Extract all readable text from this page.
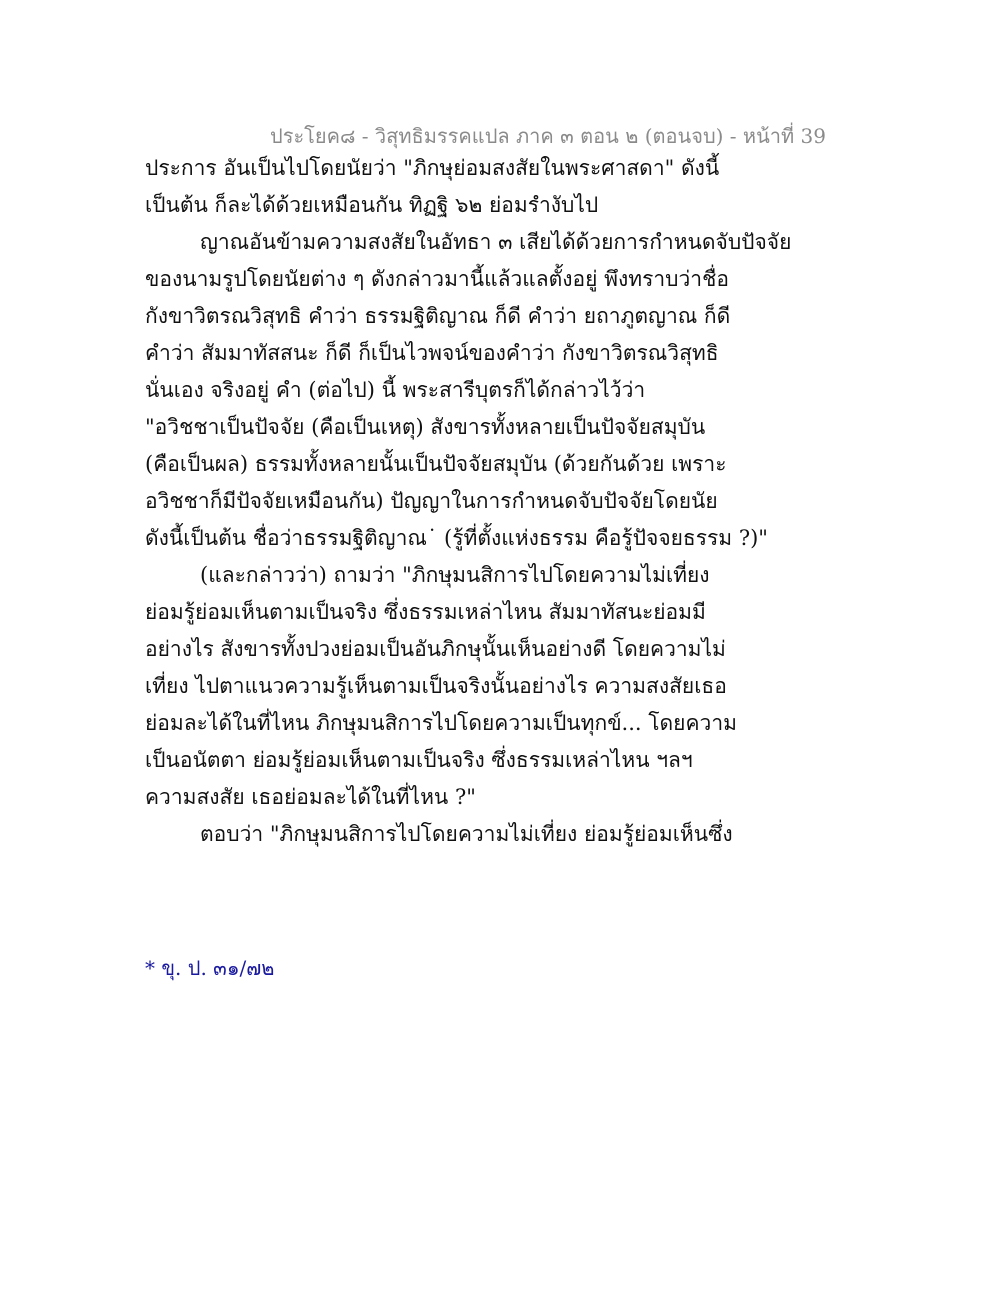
ประโยค๘ - วิสุทธิมรรคแปล ภาค ๓ ตอน ๒ (ตอนจบ) - หน้าที่ 39
ประการ อันเป็นไปโดยนัยว่า "ภิกษุย่อมสงสัยในพระศาสดา" ดังนี้
เป็นต้น ก็ละได้ด้วยเหมือนกัน ทิฏฐิ ๖๒ ย่อมรำงับไป
ญาณอันข้ามความสงสัยในอัทธา ๓ เสียได้ด้วยการกำหนดจับปัจจัย
ของนามรูปโดยนัยต่าง ๆ ดังกล่าวมานี้แล้วแลตั้งอยู่ พึงทราบว่าชื่อ
กังขาวิตรณวิสุทธิ คำว่า ธรรมฐิติญาณ ก็ดี คำว่า ยถาภูตญาณ ก็ดี
คำว่า สัมมาทัสสนะ ก็ดี ก็เป็นไวพจน์ของคำว่า กังขาวิตรณวิสุทธิ
นั่นเอง จริงอยู่ คำ (ต่อไป) นี้ พระสารีบุตรก็ได้กล่าวไว้ว่า
"อวิชชาเป็นปัจจัย (คือเป็นเหตุ) สังขารทั้งหลายเป็นปัจจัยสมุบัน
(คือเป็นผล) ธรรมทั้งหลายนั้นเป็นปัจจัยสมุบัน (ด้วยกันด้วย เพราะ
อวิชชาก็มีปัจจัยเหมือนกัน) ปัญญาในการกำหนดจับปัจจัยโดยนัย
ดังนี้เป็นต้น ชื่อว่าธรรมฐิติญาณ˙ (รู้ที่ตั้งแห่งธรรม คือรู้ปัจจยธรรม ?)"
(และกล่าวว่า) ถามว่า "ภิกษุมนสิการไปโดยความไม่เที่ยง
ย่อมรู้ย่อมเห็นตามเป็นจริง ซึ่งธรรมเหล่าไหน สัมมาทัสนะย่อมมี
อย่างไร สังขารทั้งปวงย่อมเป็นอันภิกษุนั้นเห็นอย่างดี โดยความไม่
เที่ยง ไปตาแนวความรู้เห็นตามเป็นจริงนั้นอย่างไร ความสงสัยเธอ
ย่อมละได้ในที่ไหน ภิกษุมนสิการไปโดยความเป็นทุกข์... โดยความ
เป็นอนัตตา ย่อมรู้ย่อมเห็นตามเป็นจริง ซึ่งธรรมเหล่าไหน ฯลฯ
ความสงสัย เธอย่อมละได้ในที่ไหน ?"
ตอบว่า "ภิกษุมนสิการไปโดยความไม่เที่ยง ย่อมรู้ย่อมเห็นซึ่ง
* ขุ. ป. ๓๑/๗๒
